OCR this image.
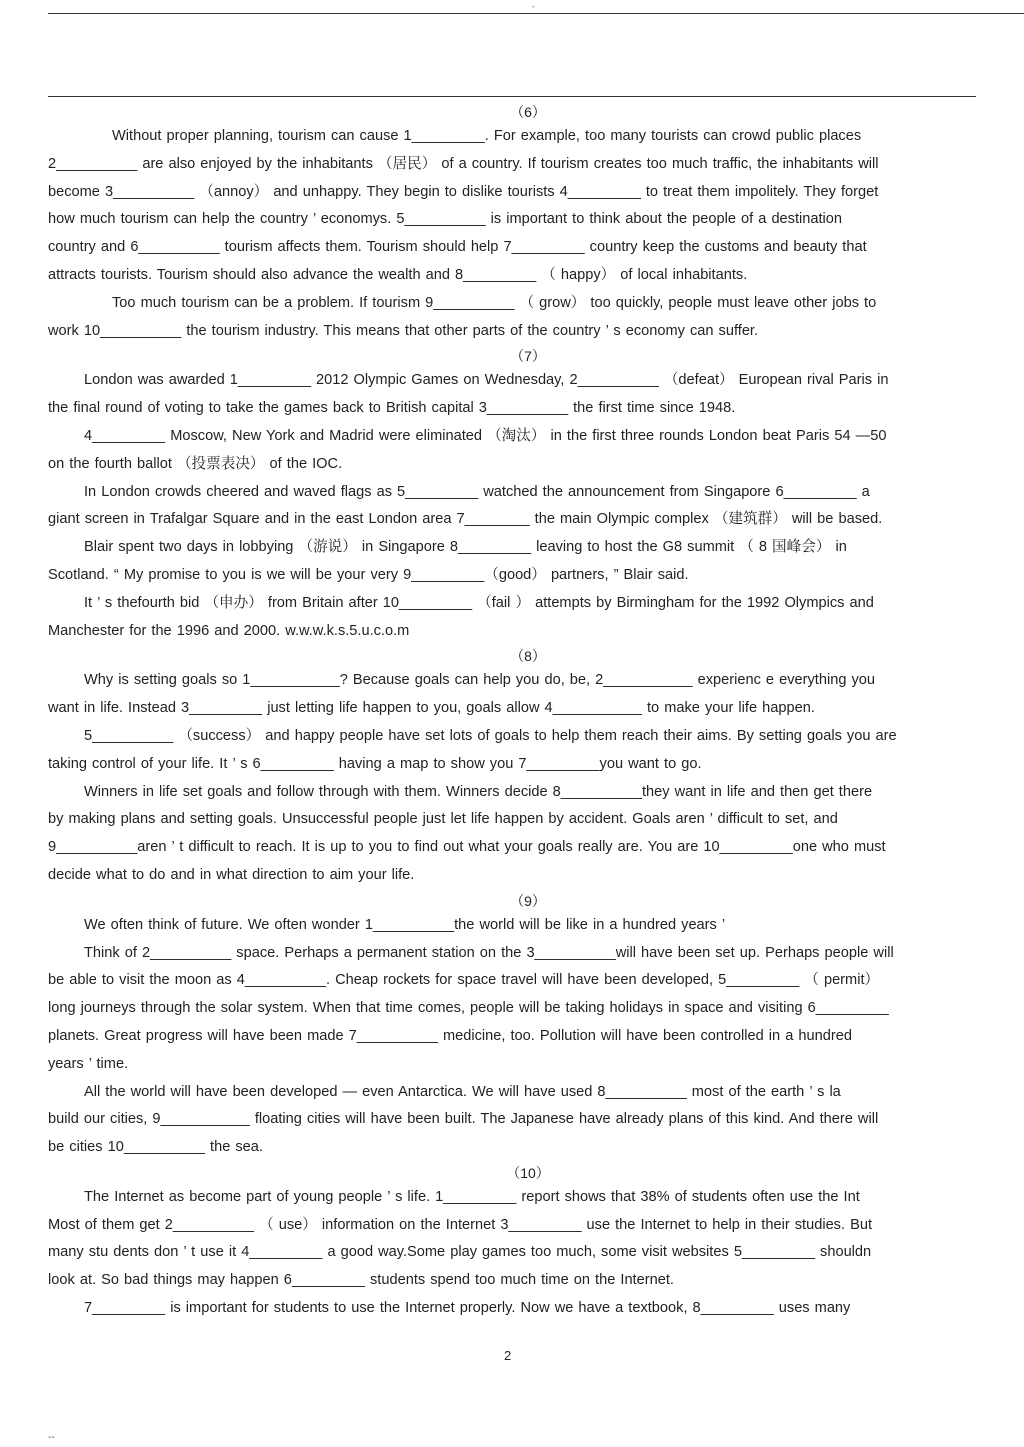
-
（6）
Without proper planning, tourism can cause 1_________. For example, too many tourists can crowd public places
2__________ are also enjoyed by the inhabitants （居民） of a country. If tourism creates too much traffic, the inhabitants will
become 3__________ （annoy） and unhappy. They begin to dislike tourists 4_________ to treat them impolitely. They forget
how much tourism can help the country ’ economys. 5__________ is important to think about the people of a destination
country and 6__________ tourism affects them. Tourism should help 7_________ country keep the customs and beauty that
attracts tourists. Tourism should also advance the wealth and 8_________ （ happy） of local inhabitants.
Too much tourism can be a problem. If tourism 9__________ （ grow） too quickly, people must leave other jobs to
work 10__________ the tourism industry. This means that other parts of the country ’ s economy can suffer.
（7）
London was awarded 1_________ 2012 Olympic Games on Wednesday, 2__________ （defeat） European rival Paris in
the final round of voting to take the games back to British capital 3__________ the first time since 1948.
4_________ Moscow, New York and Madrid were eliminated （淘汰） in the first three rounds London beat Paris 54 —50
on the fourth ballot （投票表决） of the IOC.
In London crowds cheered and waved flags as 5_________ watched the announcement from Singapore 6_________ a
giant screen in Trafalgar Square and in the east London area 7________ the main Olympic complex （建筑群） will be based.
Blair spent two days in lobbying （游说） in Singapore 8_________ leaving to host the G8 summit （ 8 国峰会） in
Scotland. “ My promise to you is we will be your very 9_________（good） partners, ” Blair said.
It ’ s thefourth bid （申办） from Britain after 10_________ （fail ） attempts by Birmingham for the 1992 Olympics and
Manchester for the 1996 and 2000. w.w.w.k.s.5.u.c.o.m
（8）
Why is setting goals so 1___________? Because goals can help you do, be, 2___________ experienc e everything you
want in life. Instead 3_________ just letting life happen to you, goals allow 4___________ to make your life happen.
5__________ （success） and happy people have set lots of goals to help them reach their aims. By setting goals you are
taking control of your life. It ’ s 6_________ having a map to show you 7_________you want to go.
Winners in life set goals and follow through with them. Winners decide 8__________they want in life and then get there
by making plans and setting goals. Unsuccessful people just let life happen by accident. Goals aren ’ difficult to set, and
9__________aren ’ t difficult to reach. It is up to you to find out what your goals really are. You are 10_________one who must
decide what to do and in what direction to aim your life.
（9）
We often think of future. We often wonder 1__________the world will be like in a hundred years ’
Think of 2__________ space. Perhaps a permanent station on the 3__________will have been set up. Perhaps people will
be able to visit the moon as 4__________. Cheap rockets for space travel will have been developed, 5_________ （ permit）
long journeys through the solar system. When that time comes, people will be taking holidays in space and visiting 6_________
planets. Great progress will have been made 7__________ medicine, too. Pollution will have been controlled in a hundred
years ’ time.
All the world will have been developed — even Antarctica. We will have used 8__________ most of the earth ’ s la
build our cities, 9___________ floating cities will have been built. The Japanese have already plans of this kind. And there will
be cities 10__________ the sea.
（10）
The Internet as become part of young people ’ s life. 1_________ report shows that 38% of students often use the Int
Most of them get 2__________ （ use） information on the Internet 3_________ use the Internet to help in their studies. But
many stu dents don ’ t use it 4_________ a good way.Some play games too much, some visit websites 5_________ shouldn
look at. So bad things may happen 6_________ students spend too much time on the Internet.
7_________ is important for students to use the Internet properly. Now we have a textbook, 8_________ uses many
2
--
